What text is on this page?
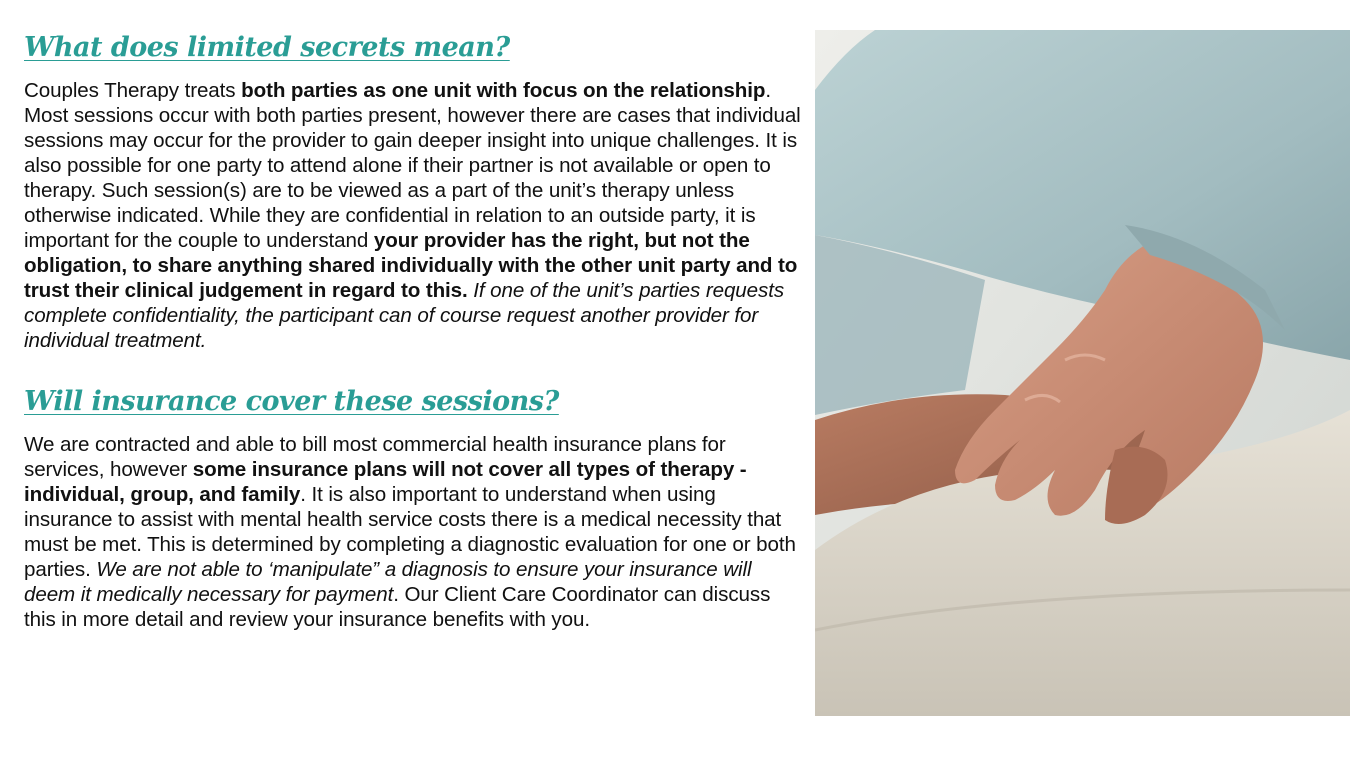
What does limited secrets mean?

Couples Therapy treats both parties as one unit with focus on the relationship. Most sessions occur with both parties present, however there are cases that individual sessions may occur for the provider to gain deeper insight into unique challenges. It is also possible for one party to attend alone if their partner is not available or open to therapy. Such session(s) are to be viewed as a part of the unit’s therapy unless otherwise indicated. While they are confidential in relation to an outside party, it is important for the couple to understand your provider has the right, but not the obligation, to share anything shared individually with the other unit party and to trust their clinical judgement in regard to this. If one of the unit’s parties requests complete confidentiality, the participant can of course request another provider for individual treatment.

Will insurance cover these sessions?

We are contracted and able to bill most commercial health insurance plans for services, however some insurance plans will not cover all types of therapy - individual, group, and family. It is also important to understand when using insurance to assist with mental health service costs there is a medical necessity that must be met. This is determined by completing a diagnostic evaluation for one or both parties. We are not able to ‘manipulate” a diagnosis to ensure your insurance will deem it medically necessary for payment. Our Client Care Coordinator can discuss this in more detail and review your insurance benefits with you.
